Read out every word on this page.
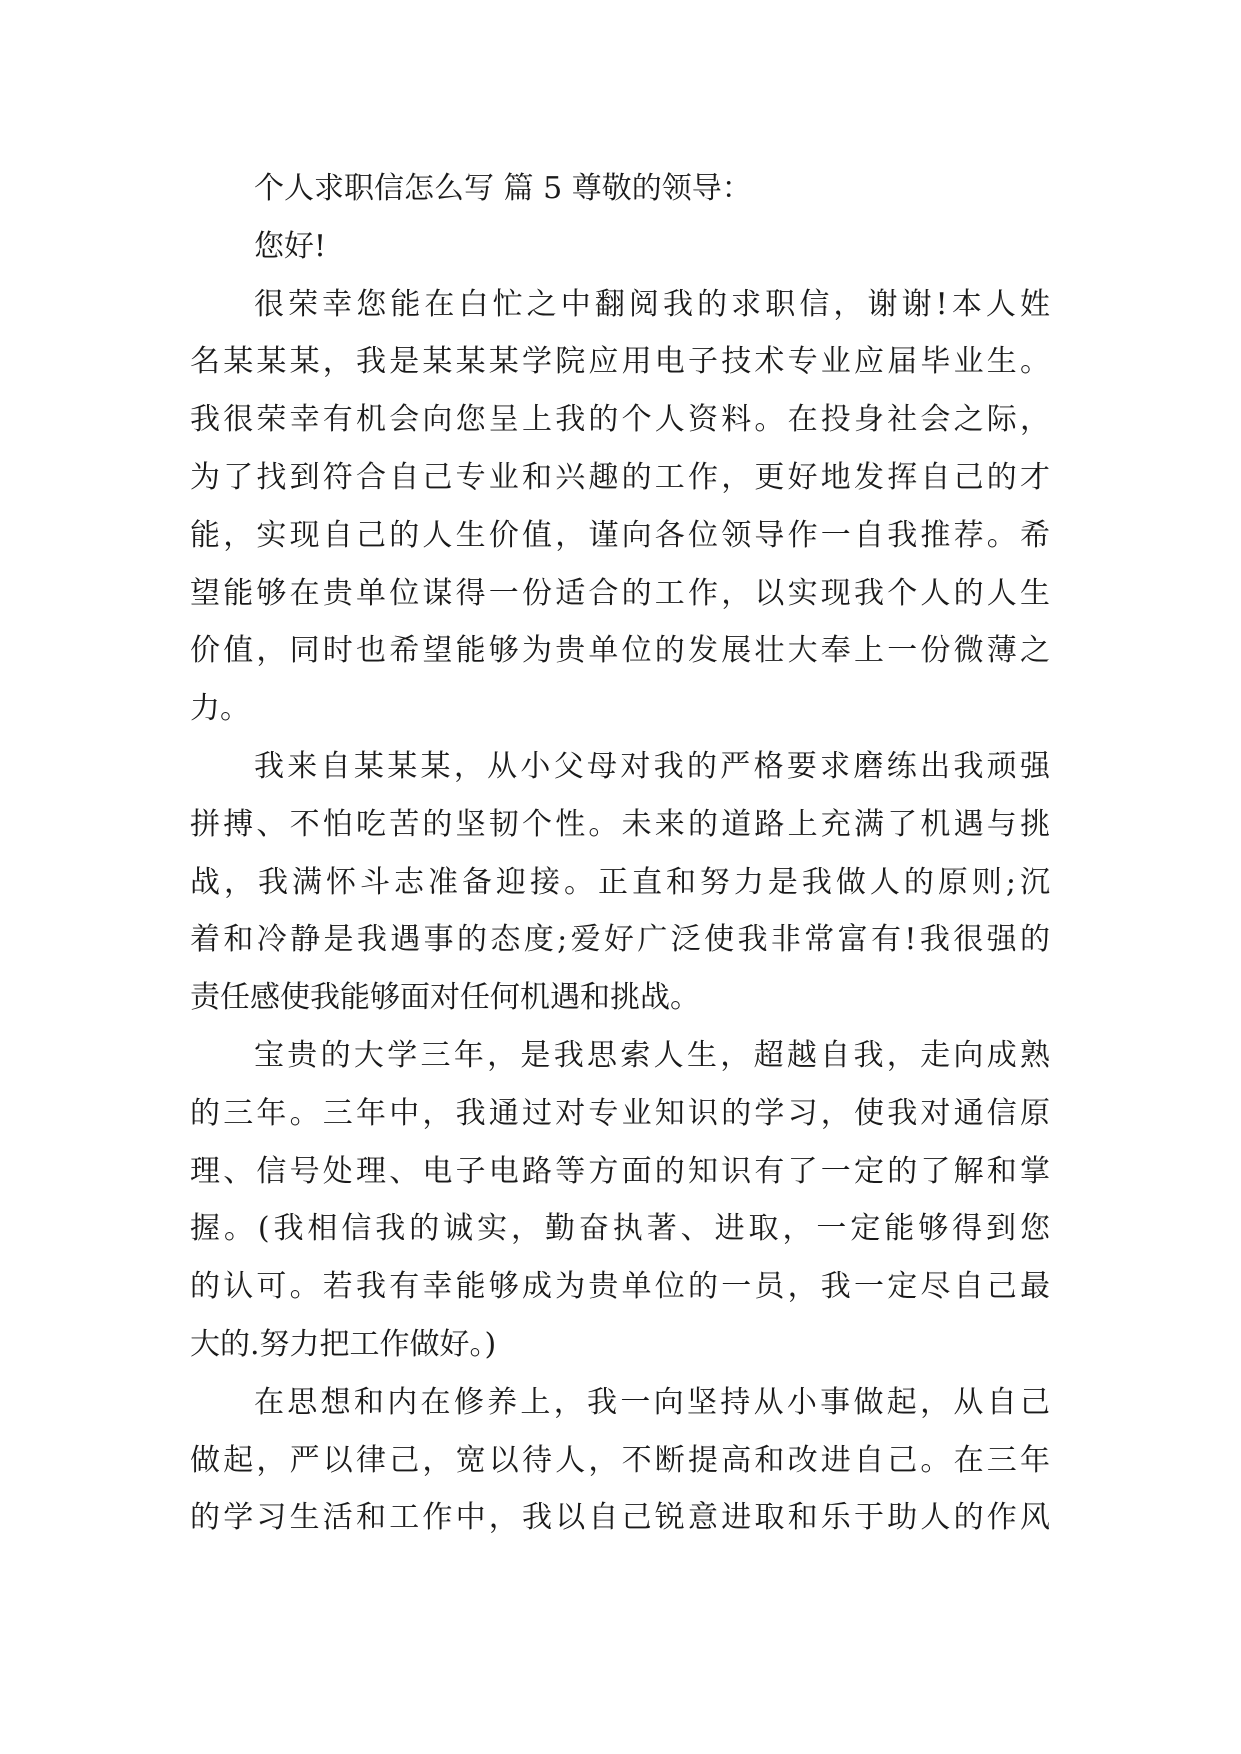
个人求职信怎么写 篇 5 尊敬的领导：
您好!
很荣幸您能在白忙之中翻阅我的求职信，谢谢!本人姓
名某某某，我是某某某学院应用电子技术专业应届毕业生。
我很荣幸有机会向您呈上我的个人资料。在投身社会之际，
为了找到符合自己专业和兴趣的工作，更好地发挥自己的才
能，实现自己的人生价值，谨向各位领导作一自我推荐。希
望能够在贵单位谋得一份适合的工作，以实现我个人的人生
价值，同时也希望能够为贵单位的发展壮大奉上一份微薄之
力。
我来自某某某，从小父母对我的严格要求磨练出我顽强
拼搏、不怕吃苦的坚韧个性。未来的道路上充满了机遇与挑
战，我满怀斗志准备迎接。正直和努力是我做人的原则;沉
着和冷静是我遇事的态度;爱好广泛使我非常富有!我很强的
责任感使我能够面对任何机遇和挑战。
宝贵的大学三年，是我思索人生，超越自我，走向成熟
的三年。三年中，我通过对专业知识的学习，使我对通信原
理、信号处理、电子电路等方面的知识有了一定的了解和掌
握。(我相信我的诚实，勤奋执著、进取，一定能够得到您
的认可。若我有幸能够成为贵单位的一员，我一定尽自己最
大的.努力把工作做好。)
在思想和内在修养上，我一向坚持从小事做起，从自己
做起，严以律己，宽以待人，不断提高和改进自己。在三年
的学习生活和工作中，我以自己锐意进取和乐于助人的作风
